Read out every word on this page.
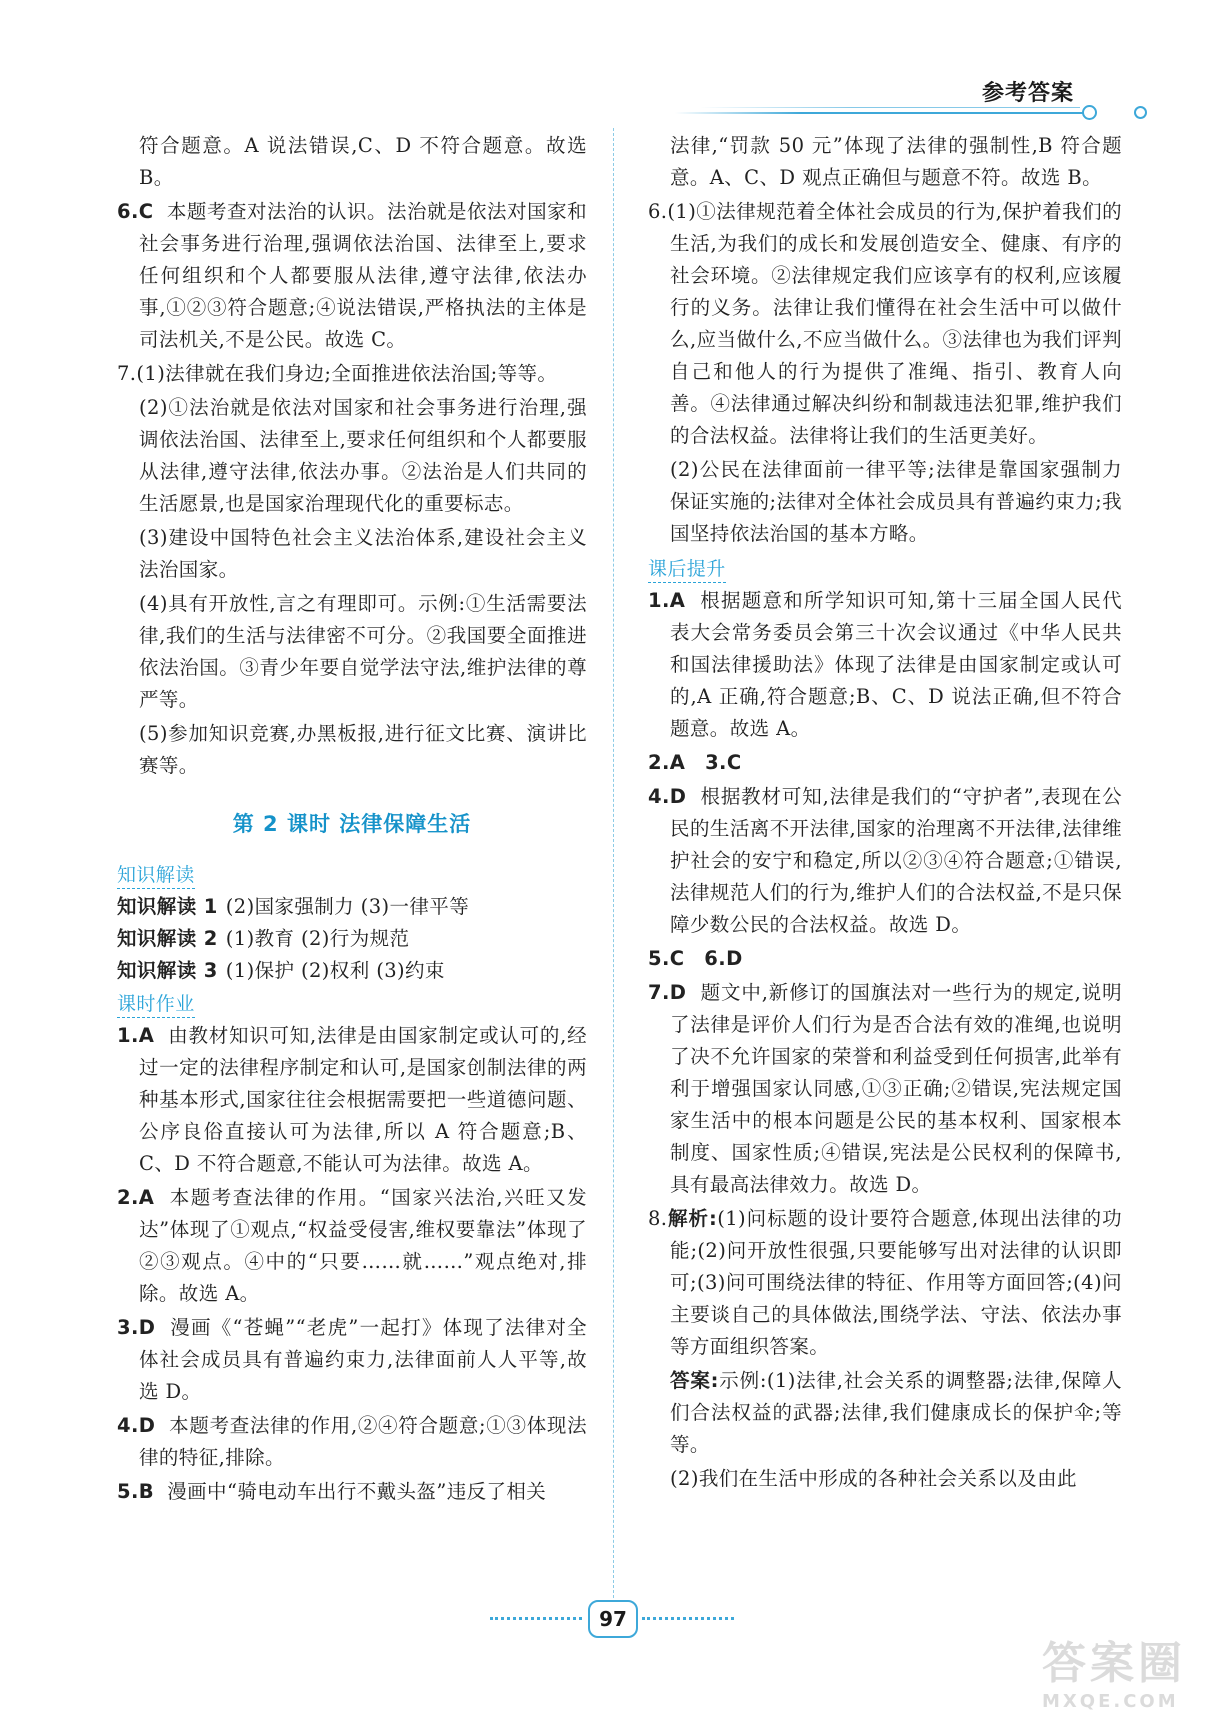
参考答案

符合题意。A 说法错误,C、D 不符合题意。故选 B。

6.C 本题考查对法治的认识。法治就是依法对国家和社会事务进行治理,强调依法治国、法律至上,要求任何组织和个人都要服从法律,遵守法律,依法办事,①②③符合题意;④说法错误,严格执法的主体是司法机关,不是公民。故选 C。

7.(1)法律就在我们身边;全面推进依法治国;等等。

(2)①法治就是依法对国家和社会事务进行治理,强调依法治国、法律至上,要求任何组织和个人都要服从法律,遵守法律,依法办事。②法治是人们共同的生活愿景,也是国家治理现代化的重要标志。

(3)建设中国特色社会主义法治体系,建设社会主义法治国家。

(4)具有开放性,言之有理即可。示例:①生活需要法律,我们的生活与法律密不可分。②我国要全面推进依法治国。③青少年要自觉学法守法,维护法律的尊严等。

(5)参加知识竞赛,办黑板报,进行征文比赛、演讲比赛等。

第 2 课时 法律保障生活
知识解读

知识解读 1 (2)国家强制力 (3)一律平等

知识解读 2 (1)教育 (2)行为规范

知识解读 3 (1)保护 (2)权利 (3)约束

课时作业

1.A 由教材知识可知,法律是由国家制定或认可的,经过一定的法律程序制定和认可,是国家创制法律的两种基本形式,国家往往会根据需要把一些道德问题、公序良俗直接认可为法律,所以 A 符合题意;B、C、D 不符合题意,不能认可为法律。故选 A。

2.A 本题考查法律的作用。“国家兴法治,兴旺又发达”体现了①观点,“权益受侵害,维权要靠法”体现了②③观点。④中的“只要……就……”观点绝对,排除。故选 A。

3.D 漫画《“苍蝇”“老虎”一起打》体现了法律对全体社会成员具有普遍约束力,法律面前人人平等,故选 D。

4.D 本题考查法律的作用,②④符合题意;①③体现法律的特征,排除。

5.B 漫画中“骑电动车出行不戴头盔”违反了相关

法律,“罚款 50 元”体现了法律的强制性,B 符合题意。A、C、D 观点正确但与题意不符。故选 B。

6.(1)①法律规范着全体社会成员的行为,保护着我们的生活,为我们的成长和发展创造安全、健康、有序的社会环境。②法律规定我们应该享有的权利,应该履行的义务。法律让我们懂得在社会生活中可以做什么,应当做什么,不应当做什么。③法律也为我们评判自己和他人的行为提供了准绳、指引、教育人向善。④法律通过解决纠纷和制裁违法犯罪,维护我们的合法权益。法律将让我们的生活更美好。

(2)公民在法律面前一律平等;法律是靠国家强制力保证实施的;法律对全体社会成员具有普遍约束力;我国坚持依法治国的基本方略。

课后提升

1.A 根据题意和所学知识可知,第十三届全国人民代表大会常务委员会第三十次会议通过《中华人民共和国法律援助法》体现了法律是由国家制定或认可的,A 正确,符合题意;B、C、D 说法正确,但不符合题意。故选 A。

2.A 3.C

4.D 根据教材可知,法律是我们的“守护者”,表现在公民的生活离不开法律,国家的治理离不开法律,法律维护社会的安宁和稳定,所以②③④符合题意;①错误,法律规范人们的行为,维护人们的合法权益,不是只保障少数公民的合法权益。故选 D。

5.C 6.D

7.D 题文中,新修订的国旗法对一些行为的规定,说明了法律是评价人们行为是否合法有效的准绳,也说明了决不允许国家的荣誉和利益受到任何损害,此举有利于增强国家认同感,①③正确;②错误,宪法规定国家生活中的根本问题是公民的基本权利、国家根本制度、国家性质;④错误,宪法是公民权利的保障书,具有最高法律效力。故选 D。

8.解析:(1)问标题的设计要符合题意,体现出法律的功能;(2)问开放性很强,只要能够写出对法律的认识即可;(3)问可围绕法律的特征、作用等方面回答;(4)问主要谈自己的具体做法,围绕学法、守法、依法办事等方面组织答案。

答案:示例:(1)法律,社会关系的调整器;法律,保障人们合法权益的武器;法律,我们健康成长的保护伞;等等。

(2)我们在生活中形成的各种社会关系以及由此

97
答案圈
MXQE.COM
